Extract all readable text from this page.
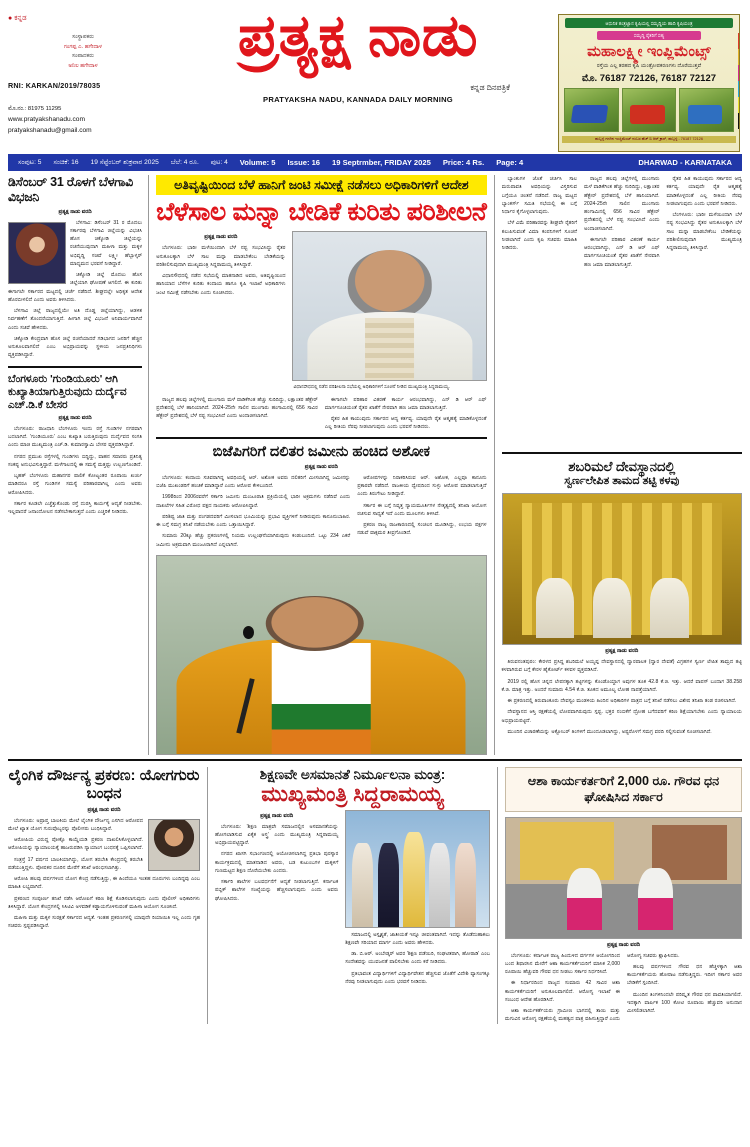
● ಕನ್ನಡ
ಸಂಸ್ಥಾಪಕರು
ಗಂಗಪ್ಪ ಎ. ಹಗೇದಾಳ
ಸಂಪಾದಕರು
ಅನಿಲ ಹಗೇದಾಳ
RNI: KARKAN/2019/78035
ಮೊ.ನಂ.: 81975 11295
www.pratyakshanadu.com
pratyakshanadu@gmail.com
ಪ್ರತ್ಯಕ್ಷ ನಾಡು
ಕನ್ನಡ ದಿನಪತ್ರಿಕೆ
PRATYAKSHA NADU, KANNADA DAILY MORNING
ಆಧುನಿಕ ತಂತ್ರಜ್ಞಾನ ಕೃಷಿಯಲ್ಲಿ ಸಮೃದ್ಧಿಯ ಹಾದಿ ಕೃಷಿಯಂತ್ರ
ಸಮೃದ್ಧಿ ರೈತರಿಗೆ ಸಹ್ಯ
ಮಹಾಲಕ್ಷ್ಮೀ ಇಂಪ್ಲಿಮೆಂಟ್ಸ್
ರಸ್ತೆಯ ಎಲ್ಲ ತರಹದ ಕೃಷಿ ಯಂತ್ರೋಪಕರಣಗಳು ದೊರೆಯುತ್ತವೆ
ಮೊ. 76187 72126, 76187 72127
ಹುಬ್ಬಳ್ಳಿ ಗದಗಿನ ಇಂಪ್ಲಿಮೆಂಟ್ ನಂಬರ ಹೆಚ್ ಬಿ ಆರ್ ಕ್ರಾಸ್, ಹುಬ್ಬಳ್ಳಿ - 76187 72126
ಸಂಪುಟ: 5 ಸಂಚಿಕೆ: 16 19 ಸೆಪ್ಟೆಂಬರ್ ಶುಕ್ರವಾರ 2025 ಬೆಲೆ: 4 ರೂ. ಪುಟ: 4 Volume: 5 Issue: 16 19 Septrmber, FRIDAY 2025 Price: 4 Rs. Page: 4	DHARWAD - KARNATAKA
ಡಿಸೆಂಬರ್ 31 ರೊಳಗೆ ಬೆಳಗಾವಿ ವಿಭಜನಿ
ಪ್ರತ್ಯಕ್ಷ ನಾಡು ವರದಿ

ಬೆಳಗಾವಿ: ಡಿಸೆಂಬರ್ 31 ರ ಮೊದಲು ಸರ್ಕಾರವು ಬೆಳಗಾವಿ ಜಿಲ್ಲೆಯನ್ನು ವಿಭಜಿಸಿ ಹೊಸ ಚಿಕ್ಕೋಡಿ ಜಿಲ್ಲೆಯನ್ನು ರಚನೆಯುವುದಾಗಿ ಮಹಿಳಾ ಮತ್ತು ಮಕ್ಕಳ ಅಭಿವೃದ್ಧಿ ಸಚಿವೆ ಲಕ್ಷ್ಮೀ ಹೆಬ್ಬಾಳ್ಕರ್ ಮಾಧ್ಯಮದ ಭರವಸೆ ನೀಡಿದ್ದಾರೆ.

ಚಿಕ್ಕೋಡಿ ಜಿಲ್ಲೆ ಮೊದಲು ಹೊಸ ಜಿಲ್ಲೆಯಾಗಿ ಘೋಷಣೆ ಆಗಲಿದೆ. ಈ ಕುರಿತು ಈಗಾಗಲೇ ಸರ್ಕಾರದ ಮಟ್ಟದಲ್ಲಿ ಚರ್ಚೆ ನಡೆದಿದೆ. ಶೀಘ್ರದಲ್ಲೇ ಅಧಿಕೃತ ಆದೇಶ ಹೊರಬೀಳಲಿದೆ ಎಂದು ಅವರು ತಿಳಿಸಿದರು.

ಬೆಳಗಾವಿ ಜಿಲ್ಲೆ ರಾಜ್ಯದಲ್ಲಿಯೇ ಅತಿ ದೊಡ್ಡ ಜಿಲ್ಲೆಯಾಗಿದ್ದು, ಆಡಳಿತ ನಿರ್ವಹಣೆಗೆ ತೊಂದರೆಯಾಗುತ್ತಿದೆ. ಹೀಗಾಗಿ ಜಿಲ್ಲೆ ವಿಭಜನೆ ಅನಿವಾರ್ಯವಾಗಿದೆ ಎಂದು ಸಚಿವೆ ಹೇಳಿದರು.

ಚಿಕ್ಕೋಡಿ ಕೇಂದ್ರವಾಗಿ ಹೊಸ ಜಿಲ್ಲೆ ರಚನೆಯಾದರೆ ಗಡಿಭಾಗದ ಜನರಿಗೆ ಹೆಚ್ಚಿನ ಅನುಕೂಲವಾಗಲಿದೆ ಎಂಬ ಅಭಿಪ್ರಾಯವನ್ನು ಸ್ಥಳೀಯ ಜನಪ್ರತಿನಿಧಿಗಳು ವ್ಯಕ್ತಪಡಿಸಿದ್ದಾರೆ.

ಬೆಂಗಳೂರು 'ಗುಂಡಿಯೂರು' ಆಗಿ ಕುಖ್ಯಾತಿಯಾಗುತ್ತಿರುವುದು ದುರ್ದೈವ ಎಚ್.ಡಿ.ಕೆ ಬೇಸರ
ಪ್ರತ್ಯಕ್ಷ ನಾಡು ವರದಿ

ಬೆಂಗಳೂರು: ರಾಜಧಾನಿ ಬೆಂಗಳೂರು ಇಂದು ರಸ್ತೆ ಗುಂಡಿಗಳ ನಗರವಾಗಿ ಬದಲಾಗಿದೆ. 'ಗುಂಡಿಯೂರು' ಎಂಬ ಕುಖ್ಯಾತಿ ಬರುತ್ತಿರುವುದು ದುರ್ದೈವದ ಸಂಗತಿ ಎಂದು ಮಾಜಿ ಮುಖ್ಯಮಂತ್ರಿ ಎಚ್.ಡಿ. ಕುಮಾರಸ್ವಾಮಿ ಬೇಸರ ವ್ಯಕ್ತಪಡಿಸಿದ್ದಾರೆ.

ನಗರದ ಪ್ರಮುಖ ರಸ್ತೆಗಳಲ್ಲಿ ಗುಂಡಿಗಳು ಬಿದ್ದಿದ್ದು, ವಾಹನ ಸವಾರರು ಪ್ರತಿನಿತ್ಯ ಸಂಕಷ್ಟ ಅನುಭವಿಸುತ್ತಿದ್ದಾರೆ. ಮಳೆಗಾಲದಲ್ಲಿ ಈ ಸಮಸ್ಯೆ ಮತ್ತಷ್ಟು ಉಲ್ಬಣಗೊಂಡಿದೆ.

ಬೃಹತ್ ಬೆಂಗಳೂರು ಮಹಾನಗರ ಪಾಲಿಕೆ ಕೋಟ್ಯಂತರ ರೂಪಾಯಿ ಖರ್ಚು ಮಾಡಿದರೂ ರಸ್ತೆ ಗುಂಡಿಗಳ ಸಮಸ್ಯೆ ಪರಿಹಾರವಾಗಿಲ್ಲ ಎಂದು ಅವರು ಆರೋಪಿಸಿದರು.

ಸರ್ಕಾರ ಕೂಡಲೇ ಎಚ್ಚೆತ್ತುಕೊಂಡು ರಸ್ತೆ ದುರಸ್ತಿ ಕಾರ್ಯಕ್ಕೆ ಆದ್ಯತೆ ನೀಡಬೇಕು. ಇಲ್ಲವಾದರೆ ಜನಾಂದೋಲನ ನಡೆಸಬೇಕಾಗುತ್ತದೆ ಎಂದು ಎಚ್ಚರಿಕೆ ನೀಡಿದರು.

ಅತಿವೃಷ್ಟಿಯಿಂದ ಬೆಳೆ ಹಾನಿಗೆ ಜಂಟಿ ಸಮೀಕ್ಷೆ ನಡೆಸಲು ಅಧಿಕಾರಿಗಳಿಗೆ ಆದೇಶ
ಬೆಳೆಸಾಲ ಮನ್ನಾ ಬೇಡಿಕೆ ಕುರಿತು ಪರಿಶೀಲನೆ
ಪ್ರತ್ಯಕ್ಷ ನಾಡು ವರದಿ

ಬೆಂಗಳೂರು: ಭಾರೀ ಮಳೆಯಿಂದಾಗಿ ಬೆಳೆ ನಷ್ಟ ಸಂಭವಿಸಿದ್ದು ರೈತರ ಅನುಕೂಲಕ್ಕಾಗಿ ಬೆಳೆ ಸಾಲ ಮನ್ನಾ ಮಾಡಬೇಕೆಂಬ ಬೇಡಿಕೆಯನ್ನು ಪರಿಶೀಲಿಸುವುದಾಗಿ ಮುಖ್ಯಮಂತ್ರಿ ಸಿದ್ದರಾಮಯ್ಯ ತಿಳಿಸಿದ್ದಾರೆ.

ವಿಧಾನಸೌಧದಲ್ಲಿ ನಡೆದ ಸಭೆಯಲ್ಲಿ ಮಾತನಾಡಿದ ಅವರು, ಅತಿವೃಷ್ಟಿಯಿಂದ ಹಾನಿಯಾದ ಬೆಳೆಗಳ ಕುರಿತು ಕಂದಾಯ ಹಾಗೂ ಕೃಷಿ ಇಲಾಖೆ ಅಧಿಕಾರಿಗಳು ಜಂಟಿ ಸಮೀಕ್ಷೆ ನಡೆಸಬೇಕು ಎಂದು ಸೂಚಿಸಿದರು.

ವಿಧಾನಸೌಧದಲ್ಲಿ ನಡೆದ ಪರಿಶೀಲನಾ ಸಭೆಯಲ್ಲಿ ಅಧಿಕಾರಿಗಳಿಗೆ ಸೂಚನೆ ನೀಡಿದ ಮುಖ್ಯಮಂತ್ರಿ ಸಿದ್ದರಾಮಯ್ಯ.

ರಾಜ್ಯದ ಹಲವು ಜಿಲ್ಲೆಗಳಲ್ಲಿ ಮುಂಗಾರು ಮಳೆ ವಾಡಿಕೆಗಿಂತ ಹೆಚ್ಚು ಸುರಿದಿದ್ದು, ಲಕ್ಷಾಂತರ ಹೆಕ್ಟೇರ್ ಪ್ರದೇಶದಲ್ಲಿ ಬೆಳೆ ಹಾನಿಯಾಗಿದೆ. 2024-25ನೇ ಸಾಲಿನ ಮುಂಗಾರು ಹಂಗಾಮಿನಲ್ಲಿ 656 ಸಾವಿರ ಹೆಕ್ಟೇರ್ ಪ್ರದೇಶದಲ್ಲಿ ಬೆಳೆ ನಷ್ಟ ಸಂಭವಿಸಿದೆ ಎಂದು ಅಂದಾಜಿಸಲಾಗಿದೆ.

ಈಗಾಗಲೇ ಪರಿಹಾರ ವಿತರಣೆ ಕಾರ್ಯ ಆರಂಭವಾಗಿದ್ದು, ಎನ್ ಡಿ ಆರ್ ಎಫ್ ಮಾರ್ಗಸೂಚಿಯಂತೆ ರೈತರ ಖಾತೆಗೆ ನೇರವಾಗಿ ಹಣ ಜಮಾ ಮಾಡಲಾಗುತ್ತಿದೆ.

ರೈತರ ಹಿತ ಕಾಯುವುದು ಸರ್ಕಾರದ ಆದ್ಯ ಕರ್ತವ್ಯ. ಯಾವುದೇ ರೈತ ಆತ್ಮಹತ್ಯೆ ಮಾಡಿಕೊಳ್ಳದಂತೆ ಎಲ್ಲ ರೀತಿಯ ನೆರವು ನೀಡಲಾಗುವುದು ಎಂದು ಭರವಸೆ ನೀಡಿದರು.

ಬಿಜೆಪಿಗರಿಗೆ ದಲಿತರ ಜಮೀನು ಹಂಚಿದ ಅಶೋಕ
ಪ್ರತ್ಯಕ್ಷ ನಾಡು ವರದಿ

ಬೆಂಗಳೂರು: ಕಂದಾಯ ಸಚಿವರಾಗಿದ್ದ ಅವಧಿಯಲ್ಲಿ ಆರ್. ಅಶೋಕ ಅವರು ದಲಿತರಿಗೆ ಮೀಸಲಾಗಿದ್ದ ಜಮೀನನ್ನು ಬಿಜೆಪಿ ಮುಖಂಡರಿಗೆ ಹಂಚಿಕೆ ಮಾಡಿದ್ದಾರೆ ಎಂದು ಆರೋಪ ಕೇಳಿಬಂದಿದೆ.

1998ರಿಂದ 2006ರವರೆಗೆ ಸರ್ಕಾರಿ ಜಮೀನು ಮಂಜೂರಾತಿ ಪ್ರಕ್ರಿಯೆಯಲ್ಲಿ ಭಾರೀ ಅಕ್ರಮಗಳು ನಡೆದಿವೆ ಎಂದು ದಾಖಲೆಗಳ ಸಹಿತ ವಿರೋಧ ಪಕ್ಷದ ನಾಯಕರು ಆರೋಪಿಸಿದ್ದಾರೆ.

ಪರಿಶಿಷ್ಟ ಜಾತಿ ಮತ್ತು ಪಂಗಡದವರಿಗೆ ಮೀಸಲಾದ ಭೂಮಿಯನ್ನು ಪ್ರಭಾವಿ ವ್ಯಕ್ತಿಗಳಿಗೆ ನೀಡಿರುವುದು ಕಾನೂನುಬಾಹಿರ. ಈ ಬಗ್ಗೆ ಸಮಗ್ರ ತನಿಖೆ ನಡೆಯಬೇಕು ಎಂದು ಒತ್ತಾಯಿಸಿದ್ದಾರೆ.

ಸುಮಾರು 20ಕ್ಕೂ ಹೆಚ್ಚು ಪ್ರಕರಣಗಳಲ್ಲಿ ನಿಯಮ ಉಲ್ಲಂಘನೆಯಾಗಿರುವುದು ಕಂಡುಬಂದಿದೆ. ಒಟ್ಟು 234 ಎಕರೆ ಜಮೀನು ಅಕ್ರಮವಾಗಿ ಮಂಜೂರಾಗಿದೆ ಎನ್ನಲಾಗಿದೆ.

ಆರೋಪಗಳನ್ನು ನಿರಾಕರಿಸಿರುವ ಆರ್. ಅಶೋಕ, ಎಲ್ಲವೂ ಕಾನೂನು ಪ್ರಕಾರವೇ ನಡೆದಿದೆ. ರಾಜಕೀಯ ದ್ವೇಷದಿಂದ ಸುಳ್ಳು ಆರೋಪ ಮಾಡಲಾಗುತ್ತಿದೆ ಎಂದು ತಿರುಗೇಟು ನೀಡಿದ್ದಾರೆ.

ಸರ್ಕಾರ ಈ ಬಗ್ಗೆ ನಿವೃತ್ತ ನ್ಯಾಯಮೂರ್ತಿಗಳ ನೇತೃತ್ವದಲ್ಲಿ ತನಿಖಾ ಆಯೋಗ ರಚಿಸುವ ಸಾಧ್ಯತೆ ಇದೆ ಎಂದು ಮೂಲಗಳು ತಿಳಿಸಿವೆ.

ಪ್ರಕರಣ ರಾಜ್ಯ ರಾಜಕಾರಣದಲ್ಲಿ ಸಂಚಲನ ಮೂಡಿಸಿದ್ದು, ಉಭಯ ಪಕ್ಷಗಳ ನಡುವೆ ವಾಕ್ಸಮರ ತೀವ್ರಗೊಂಡಿದೆ.

ಬ್ಯಾಂಕುಗಳ ಜೊತೆ ಚರ್ಚಿಸಿ ಸಾಲ ಮರುಪಾವತಿ ಅವಧಿಯನ್ನು ವಿಸ್ತರಿಸುವ ಬಗ್ಗೆಯೂ ಚಿಂತನೆ ನಡೆದಿದೆ. ರಾಜ್ಯ ಮಟ್ಟದ ಬ್ಯಾಂಕರ್ಸ್ ಸಮಿತಿ ಸಭೆಯಲ್ಲಿ ಈ ಬಗ್ಗೆ ನಿರ್ಧಾರ ಕೈಗೊಳ್ಳಲಾಗುವುದು.

ಬೆಳೆ ವಿಮೆ ಪರಿಹಾರವನ್ನು ಶೀಘ್ರವೇ ರೈತರಿಗೆ ತಲುಪಿಸುವಂತೆ ವಿಮಾ ಕಂಪನಿಗಳಿಗೆ ಸೂಚನೆ ನೀಡಲಾಗಿದೆ ಎಂದು ಕೃಷಿ ಸಚಿವರು ಮಾಹಿತಿ ನೀಡಿದರು.

ರಾಜ್ಯದ ಹಲವು ಜಿಲ್ಲೆಗಳಲ್ಲಿ ಮುಂಗಾರು ಮಳೆ ವಾಡಿಕೆಗಿಂತ ಹೆಚ್ಚು ಸುರಿದಿದ್ದು, ಲಕ್ಷಾಂತರ ಹೆಕ್ಟೇರ್ ಪ್ರದೇಶದಲ್ಲಿ ಬೆಳೆ ಹಾನಿಯಾಗಿದೆ. 2024-25ನೇ ಸಾಲಿನ ಮುಂಗಾರು ಹಂಗಾಮಿನಲ್ಲಿ 656 ಸಾವಿರ ಹೆಕ್ಟೇರ್ ಪ್ರದೇಶದಲ್ಲಿ ಬೆಳೆ ನಷ್ಟ ಸಂಭವಿಸಿದೆ ಎಂದು ಅಂದಾಜಿಸಲಾಗಿದೆ.

ಈಗಾಗಲೇ ಪರಿಹಾರ ವಿತರಣೆ ಕಾರ್ಯ ಆರಂಭವಾಗಿದ್ದು, ಎನ್ ಡಿ ಆರ್ ಎಫ್ ಮಾರ್ಗಸೂಚಿಯಂತೆ ರೈತರ ಖಾತೆಗೆ ನೇರವಾಗಿ ಹಣ ಜಮಾ ಮಾಡಲಾಗುತ್ತಿದೆ.

ರೈತರ ಹಿತ ಕಾಯುವುದು ಸರ್ಕಾರದ ಆದ್ಯ ಕರ್ತವ್ಯ. ಯಾವುದೇ ರೈತ ಆತ್ಮಹತ್ಯೆ ಮಾಡಿಕೊಳ್ಳದಂತೆ ಎಲ್ಲ ರೀತಿಯ ನೆರವು ನೀಡಲಾಗುವುದು ಎಂದು ಭರವಸೆ ನೀಡಿದರು.

ಬೆಂಗಳೂರು: ಭಾರೀ ಮಳೆಯಿಂದಾಗಿ ಬೆಳೆ ನಷ್ಟ ಸಂಭವಿಸಿದ್ದು ರೈತರ ಅನುಕೂಲಕ್ಕಾಗಿ ಬೆಳೆ ಸಾಲ ಮನ್ನಾ ಮಾಡಬೇಕೆಂಬ ಬೇಡಿಕೆಯನ್ನು ಪರಿಶೀಲಿಸುವುದಾಗಿ ಮುಖ್ಯಮಂತ್ರಿ ಸಿದ್ದರಾಮಯ್ಯ ತಿಳಿಸಿದ್ದಾರೆ.

ಶಬರಿಮಲೆ ದೇವಸ್ಥಾನದಲ್ಲಿ
ಸ್ವರ್ಣಲೇಪಿತ ತಾಮದ ತಟ್ಟಿ ಕಳವು
ಪ್ರತ್ಯಕ್ಷ ನಾಡು ವರದಿ

ತಿರುವನಂತಪುರಂ: ಕೇರಳದ ಪ್ರಸಿದ್ಧ ಶಬರಿಮಲೆ ಅಯ್ಯಪ್ಪ ದೇವಸ್ಥಾನದಲ್ಲಿ ದ್ವಾರಪಾಲಕ (ದ್ವಾರ ದೇವತೆ) ವಿಗ್ರಹಗಳ ಸ್ವರ್ಣ ಲೇಪಿತ ತಾಮ್ರದ ತಟ್ಟಿ ಕಳವಾಗಿರುವ ಬಗ್ಗೆ ಕೇರಳ ಹೈಕೋರ್ಟ್ ಕಳವಳ ವ್ಯಕ್ತಪಡಿಸಿದೆ.

2019 ರಲ್ಲಿ ಹೊಸ ಚಿನ್ನದ ಲೇಪನಕ್ಕಾಗಿ ತಟ್ಟಿಗಳನ್ನು ಕೊಂಡೊಯ್ದಾಗ ಅವುಗಳ ತೂಕ 42.8 ಕೆ.ಜಿ. ಇತ್ತು. ಆದರೆ ವಾಪಸ್ ಬಂದಾಗ 38.258 ಕೆ.ಜಿ. ಮಾತ್ರ ಇತ್ತು. ಅಂದರೆ ಸುಮಾರು 4.54 ಕೆ.ಜಿ. ತೂಕದ ಅಮೂಲ್ಯ ಲೋಹ ನಾಪತ್ತೆಯಾಗಿದೆ.

ಈ ಪ್ರಕರಣದಲ್ಲಿ ತಿರುವಾಂಕೂರು ದೇವಸ್ವಂ ಮಂಡಳಿಯ ಹಿಂದಿನ ಅಧಿಕಾರಿಗಳ ಪಾತ್ರದ ಬಗ್ಗೆ ತನಿಖೆ ನಡೆಸಲು ವಿಶೇಷ ತನಿಖಾ ತಂಡ ರಚಿಸಲಾಗಿದೆ.

ದೇವಸ್ಥಾನದ ಆಸ್ತಿ ರಕ್ಷಣೆಯಲ್ಲಿ ಲೋಪವಾಗಿರುವುದು ಸ್ಪಷ್ಟ. ಭಕ್ತರ ನಂಬಿಕೆಗೆ ದ್ರೋಹ ಬಗೆದವರಿಗೆ ಕಠಿಣ ಶಿಕ್ಷೆಯಾಗಬೇಕು ಎಂದು ನ್ಯಾಯಾಲಯ ಅಭಿಪ್ರಾಯಪಟ್ಟಿದೆ.

ಮುಂದಿನ ವಿಚಾರಣೆಯನ್ನು ಅಕ್ಟೋಬರ್ ತಿಂಗಳಿಗೆ ಮುಂದೂಡಲಾಗಿದ್ದು, ಅಷ್ಟರೊಳಗೆ ಸಮಗ್ರ ವರದಿ ಸಲ್ಲಿಸುವಂತೆ ಸೂಚಿಸಲಾಗಿದೆ.

ಲೈಂಗಿಕ ದೌರ್ಜನ್ಯ ಪ್ರಕರಣ: ಯೋಗಗುರು ಬಂಧನ
ಪ್ರತ್ಯಕ್ಷ ನಾಡು ವರದಿ

ಬೆಂಗಳೂರು: ಅಪ್ರಾಪ್ತ ಬಾಲಕಿಯ ಮೇಲೆ ಲೈಂಗಿಕ ದೌರ್ಜನ್ಯ ಎಸಗಿದ ಆರೋಪದ ಮೇಲೆ ಖ್ಯಾತ ಯೋಗ ಗುರುವೊಬ್ಬರನ್ನು ಪೊಲೀಸರು ಬಂಧಿಸಿದ್ದಾರೆ.

ಆರೋಪಿಯ ವಿರುದ್ಧ ಪೋಕ್ಸೊ ಕಾಯ್ದೆಯಡಿ ಪ್ರಕರಣ ದಾಖಲಿಸಿಕೊಳ್ಳಲಾಗಿದೆ. ಆರೋಪಿಯನ್ನು ನ್ಯಾಯಾಲಯಕ್ಕೆ ಹಾಜರುಪಡಿಸಿ ನ್ಯಾಯಾಂಗ ಬಂಧನಕ್ಕೆ ಒಪ್ಪಿಸಲಾಗಿದೆ.

ಸಂತ್ರಸ್ತೆ 17 ವರ್ಷದ ಬಾಲಕಿಯಾಗಿದ್ದು, ಯೋಗ ತರಬೇತಿ ಕೇಂದ್ರದಲ್ಲಿ ತರಬೇತಿ ಪಡೆಯುತ್ತಿದ್ದಳು. ಪೋಷಕರ ದೂರಿನ ಮೇರೆಗೆ ತನಿಖೆ ಆರಂಭಿಸಲಾಗಿತ್ತು.

ಆರೋಪಿ ಹಲವು ವರ್ಷಗಳಿಂದ ಯೋಗ ಕೇಂದ್ರ ನಡೆಸುತ್ತಿದ್ದು, ಈ ಹಿಂದೆಯೂ ಇಂತಹ ದೂರುಗಳು ಬಂದಿದ್ದವು ಎಂಬ ಮಾಹಿತಿ ಲಭ್ಯವಾಗಿದೆ.

ಪ್ರಕರಣದ ಸಂಪೂರ್ಣ ತನಿಖೆ ನಡೆಸಿ ಆರೋಪಿಗೆ ಕಠಿಣ ಶಿಕ್ಷೆ ಕೊಡಿಸಲಾಗುವುದು ಎಂದು ಪೊಲೀಸ್ ಅಧಿಕಾರಿಗಳು ತಿಳಿಸಿದ್ದಾರೆ. ಯೋಗ ಕೇಂದ್ರಗಳಲ್ಲಿ ಸಿಸಿಟಿವಿ ಅಳವಡಿಕೆ ಕಡ್ಡಾಯಗೊಳಿಸುವಂತೆ ಮಹಿಳಾ ಆಯೋಗ ಸೂಚಿಸಿದೆ.

ಮಹಿಳಾ ಮತ್ತು ಮಕ್ಕಳ ಸುರಕ್ಷತೆ ಸರ್ಕಾರದ ಆದ್ಯತೆ. ಇಂತಹ ಪ್ರಕರಣಗಳಲ್ಲಿ ಯಾವುದೇ ರಿಯಾಯಿತಿ ಇಲ್ಲ ಎಂದು ಗೃಹ ಸಚಿವರು ಸ್ಪಷ್ಟಪಡಿಸಿದ್ದಾರೆ.

ಶಿಕ್ಷಣವೇ ಅಸಮಾನತೆ ನಿರ್ಮೂಲನಾ ಮಂತ್ರ:
ಮುಖ್ಯಮಂತ್ರಿ ಸಿದ್ದರಾಮಯ್ಯ
ಪ್ರತ್ಯಕ್ಷ ನಾಡು ವರದಿ

ಬೆಂಗಳೂರು: 'ಶಿಕ್ಷಣ ಮಾತ್ರವೇ ಸಮಾಜದಲ್ಲಿನ ಅಸಮಾನತೆಯನ್ನು ಹೋಗಲಾಡಿಸುವ ಏಕೈಕ ಅಸ್ತ್ರ' ಎಂದು ಮುಖ್ಯಮಂತ್ರಿ ಸಿದ್ದರಾಮಯ್ಯ ಅಭಿಪ್ರಾಯಪಟ್ಟಿದ್ದಾರೆ.

ನಗರದ ಖಾಸಗಿ ಸಭಾಂಗಣದಲ್ಲಿ ಆಯೋಜಿಸಲಾಗಿದ್ದ ಪ್ರತಿಭಾ ಪುರಸ್ಕಾರ ಕಾರ್ಯಕ್ರಮದಲ್ಲಿ ಮಾತನಾಡಿದ ಅವರು, ಬಡ ಕುಟುಂಬಗಳ ಮಕ್ಕಳಿಗೆ ಗುಣಮಟ್ಟದ ಶಿಕ್ಷಣ ದೊರೆಯಬೇಕು ಎಂದರು.

ಸರ್ಕಾರಿ ಶಾಲೆಗಳ ಬಲವರ್ಧನೆಗೆ ಆದ್ಯತೆ ನೀಡಲಾಗುತ್ತಿದೆ. ಕರ್ನಾಟಕ ಪಬ್ಲಿಕ್ ಶಾಲೆಗಳ ಸಂಖ್ಯೆಯನ್ನು ಹೆಚ್ಚಿಸಲಾಗುವುದು ಎಂದು ಅವರು ಘೋಷಿಸಿದರು.

ಸಮಾಜದಲ್ಲಿ ಅಸ್ಪೃಶ್ಯತೆ, ಜಾತೀಯತೆ ಇನ್ನೂ ಜೀವಂತವಾಗಿದೆ. ಇದನ್ನು ತೊಡೆದುಹಾಕಲು ಶಿಕ್ಷಣವೇ ಸರಿಯಾದ ಮಾರ್ಗ ಎಂದು ಅವರು ಹೇಳಿದರು.

ಡಾ. ಬಿ.ಆರ್. ಅಂಬೇಡ್ಕರ್ ಅವರ 'ಶಿಕ್ಷಣ ಪಡೆಯಿರಿ, ಸಂಘಟಿತರಾಗಿ, ಹೋರಾಡಿ' ಎಂಬ ಸಂದೇಶವನ್ನು ಯುವಜನತೆ ಪಾಲಿಸಬೇಕು ಎಂದು ಕರೆ ನೀಡಿದರು.

ಪ್ರತಿಭಾವಂತ ವಿದ್ಯಾರ್ಥಿಗಳಿಗೆ ವಿದ್ಯಾರ್ಥಿವೇತನ ಹೆಚ್ಚಿಸುವ ಜೊತೆಗೆ ವಿದೇಶಿ ವ್ಯಾಸಂಗಕ್ಕೂ ನೆರವು ನೀಡಲಾಗುವುದು ಎಂದು ಭರವಸೆ ನೀಡಿದರು.

ಆಶಾ ಕಾರ್ಯಕರ್ತರಿಗೆ 2,000 ರೂ. ಗೌರವ ಧನ ಘೋಷಿಸಿದ ಸರ್ಕಾರ
ಪ್ರತ್ಯಕ್ಷ ನಾಡು ವರದಿ

ಬೆಂಗಳೂರು: ಕರ್ನಾಟಕ ರಾಜ್ಯ ಹಿಂದುಳಿದ ವರ್ಗಗಳ ಆಯೋಗದಿಂದ ಬಂದ ಶಿಫಾರಸಿನ ಮೇರೆಗೆ ಆಶಾ ಕಾರ್ಯಕರ್ತೆಯರಿಗೆ ಮಾಸಿಕ 2,000 ರೂಪಾಯಿ ಹೆಚ್ಚುವರಿ ಗೌರವ ಧನ ನೀಡಲು ಸರ್ಕಾರ ನಿರ್ಧರಿಸಿದೆ.

ಈ ನಿರ್ಧಾರದಿಂದ ರಾಜ್ಯದ ಸುಮಾರು 42 ಸಾವಿರ ಆಶಾ ಕಾರ್ಯಕರ್ತೆಯರಿಗೆ ಅನುಕೂಲವಾಗಲಿದೆ. ಆರೋಗ್ಯ ಇಲಾಖೆ ಈ ಸಂಬಂಧ ಆದೇಶ ಹೊರಡಿಸಿದೆ.

ಆಶಾ ಕಾರ್ಯಕರ್ತೆಯರು ಗ್ರಾಮೀಣ ಭಾಗದಲ್ಲಿ ತಾಯಿ ಮತ್ತು ಮಗುವಿನ ಆರೋಗ್ಯ ರಕ್ಷಣೆಯಲ್ಲಿ ಮಹತ್ವದ ಪಾತ್ರ ವಹಿಸುತ್ತಿದ್ದಾರೆ ಎಂದು ಆರೋಗ್ಯ ಸಚಿವರು ಶ್ಲಾಘಿಸಿದರು.

ಹಲವು ವರ್ಷಗಳಿಂದ ಗೌರವ ಧನ ಹೆಚ್ಚಳಕ್ಕಾಗಿ ಆಶಾ ಕಾರ್ಯಕರ್ತೆಯರು ಹೋರಾಟ ನಡೆಸುತ್ತಿದ್ದರು. ಇದೀಗ ಸರ್ಕಾರ ಅವರ ಬೇಡಿಕೆಗೆ ಸ್ಪಂದಿಸಿದೆ.

ಮುಂದಿನ ತಿಂಗಳಿನಿಂದಲೇ ಪರಿಷ್ಕೃತ ಗೌರವ ಧನ ಪಾವತಿಯಾಗಲಿದೆ. ಇದಕ್ಕಾಗಿ ವಾರ್ಷಿಕ 100 ಕೋಟಿ ರೂಪಾಯಿ ಹೆಚ್ಚುವರಿ ಅನುದಾನ ಮೀಸಲಿಡಲಾಗಿದೆ.
